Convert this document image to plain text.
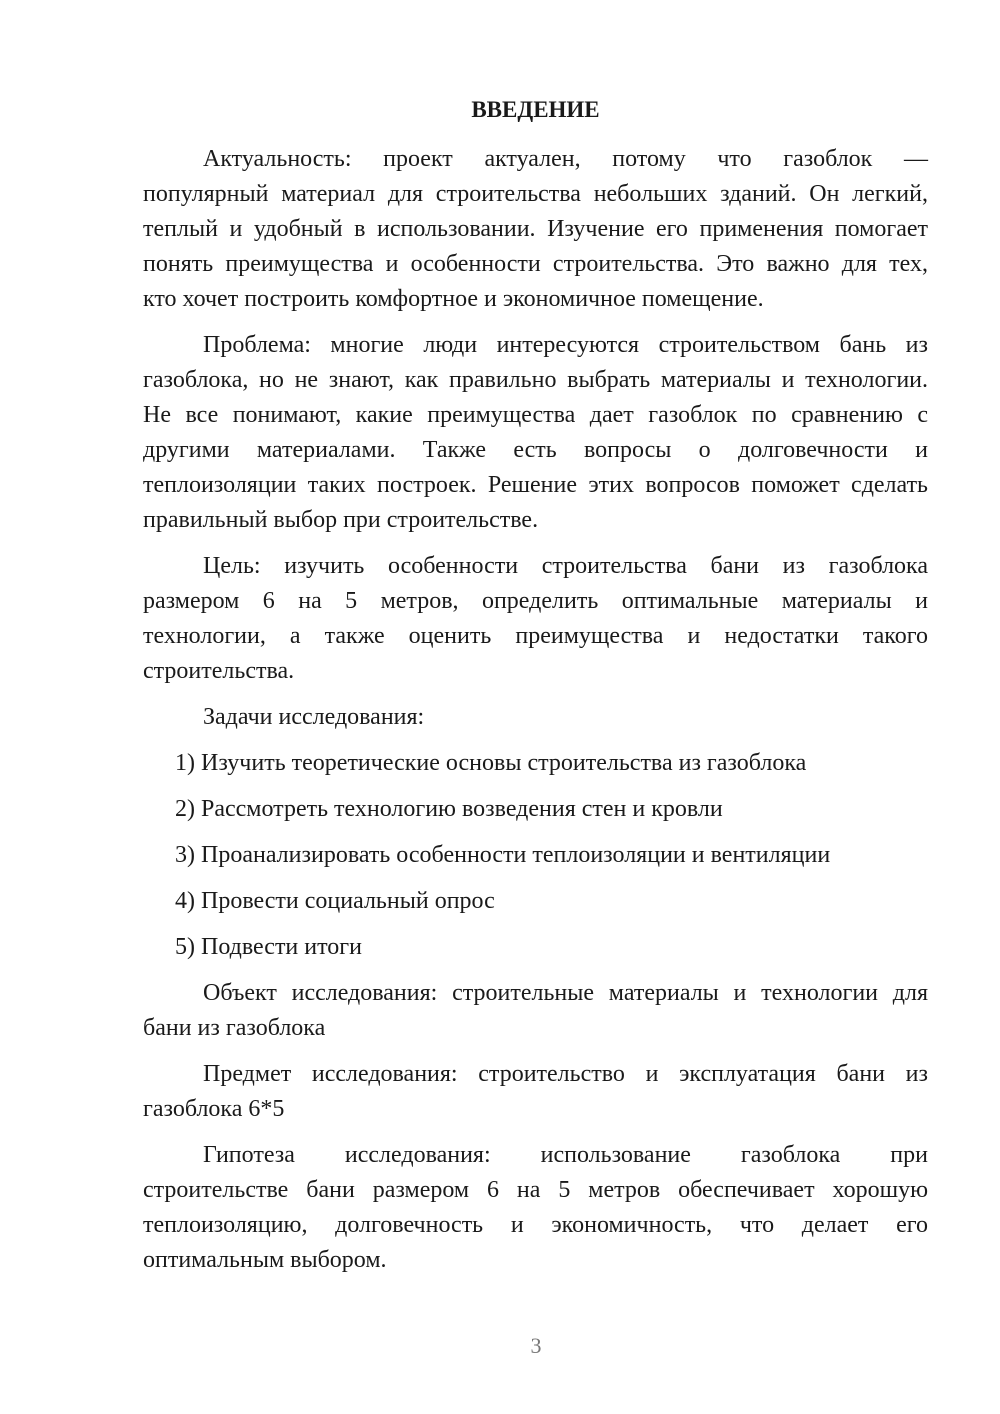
ВВЕДЕНИЕ
Актуальность: проект актуален, потому что газоблок —
популярный материал для строительства небольших зданий. Он легкий,
теплый и удобный в использовании. Изучение его применения помогает
понять преимущества и особенности строительства. Это важно для тех,
кто хочет построить комфортное и экономичное помещение.
Проблема: многие люди интересуются строительством бань из
газоблока, но не знают, как правильно выбрать материалы и технологии.
Не все понимают, какие преимущества дает газоблок по сравнению с
другими материалами. Также есть вопросы о долговечности и
теплоизоляции таких построек. Решение этих вопросов поможет сделать
правильный выбор при строительстве.
Цель: изучить особенности строительства бани из газоблока
размером 6 на 5 метров, определить оптимальные материалы и
технологии, а также оценить преимущества и недостатки такого
строительства.
Задачи исследования:
1) Изучить теоретические основы строительства из газоблока
2) Рассмотреть технологию возведения стен и кровли
3) Проанализировать особенности теплоизоляции и вентиляции
4) Провести социальный опрос
5) Подвести итоги
Объект исследования: строительные материалы и технологии для
бани из газоблока
Предмет исследования: строительство и эксплуатация бани из
газоблока 6*5
Гипотеза исследования: использование газоблока при
строительстве бани размером 6 на 5 метров обеспечивает хорошую
теплоизоляцию, долговечность и экономичность, что делает его
оптимальным выбором.
3
